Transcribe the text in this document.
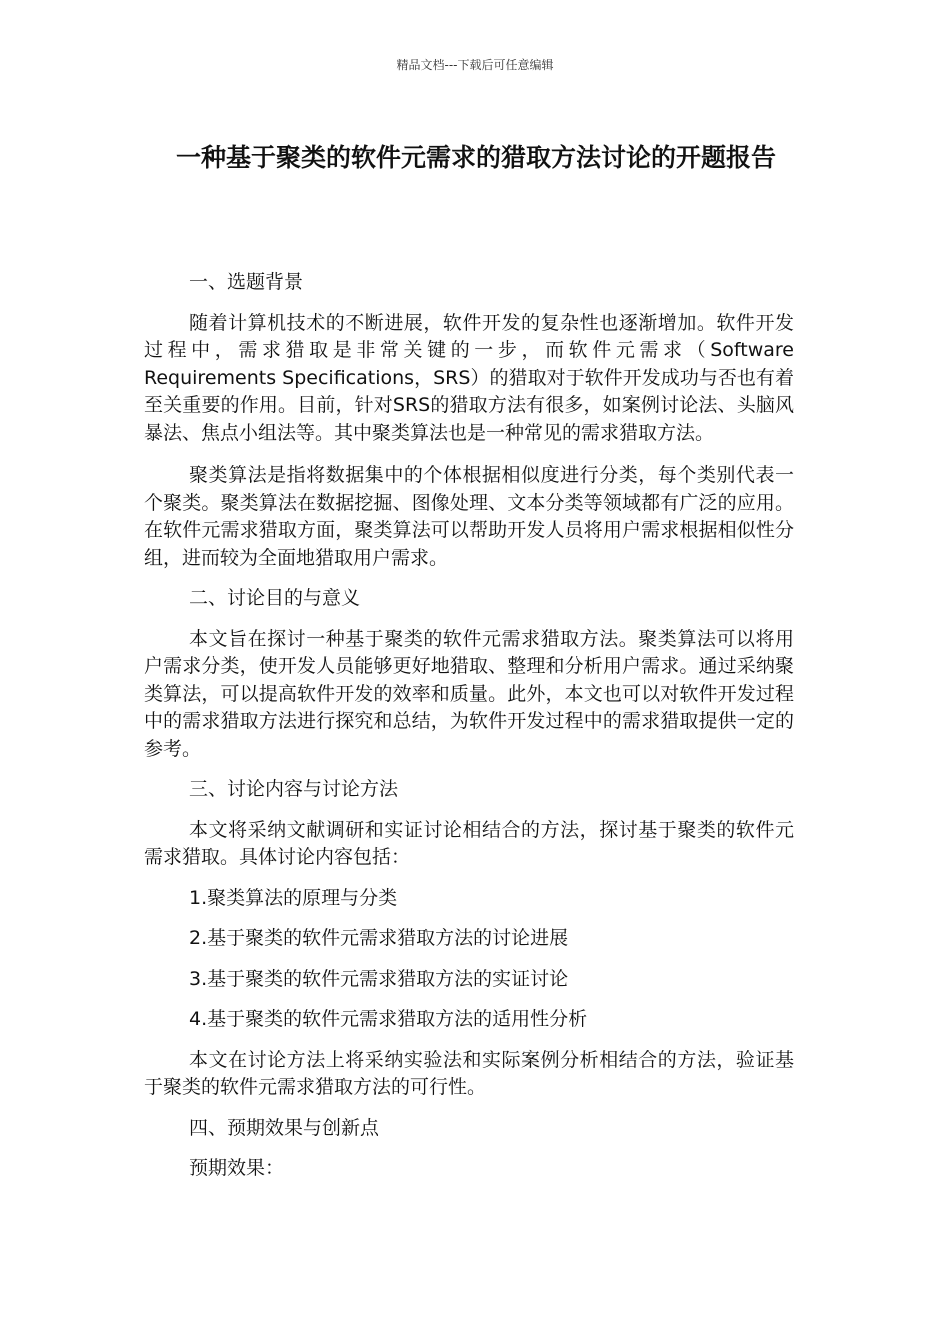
精品文档---下载后可任意编辑
一种基于聚类的软件元需求的猎取方法讨论的开题报告

一、选题背景

随着计算机技术的不断进展，软件开发的复杂性也逐渐增加。软件开发过程中，需求猎取是非常关键的一步，而软件元需求（Software Requirements Specifications，SRS）的猎取对于软件开发成功与否也有着至关重要的作用。目前，针对SRS的猎取方法有很多，如案例讨论法、头脑风暴法、焦点小组法等。其中聚类算法也是一种常见的需求猎取方法。

聚类算法是指将数据集中的个体根据相似度进行分类，每个类别代表一个聚类。聚类算法在数据挖掘、图像处理、文本分类等领域都有广泛的应用。在软件元需求猎取方面，聚类算法可以帮助开发人员将用户需求根据相似性分组，进而较为全面地猎取用户需求。

二、讨论目的与意义

本文旨在探讨一种基于聚类的软件元需求猎取方法。聚类算法可以将用户需求分类，使开发人员能够更好地猎取、整理和分析用户需求。通过采纳聚类算法，可以提高软件开发的效率和质量。此外，本文也可以对软件开发过程中的需求猎取方法进行探究和总结，为软件开发过程中的需求猎取提供一定的参考。

三、讨论内容与讨论方法

本文将采纳文献调研和实证讨论相结合的方法，探讨基于聚类的软件元需求猎取。具体讨论内容包括：

1.聚类算法的原理与分类

2.基于聚类的软件元需求猎取方法的讨论进展

3.基于聚类的软件元需求猎取方法的实证讨论

4.基于聚类的软件元需求猎取方法的适用性分析

本文在讨论方法上将采纳实验法和实际案例分析相结合的方法，验证基于聚类的软件元需求猎取方法的可行性。

四、预期效果与创新点

预期效果：
